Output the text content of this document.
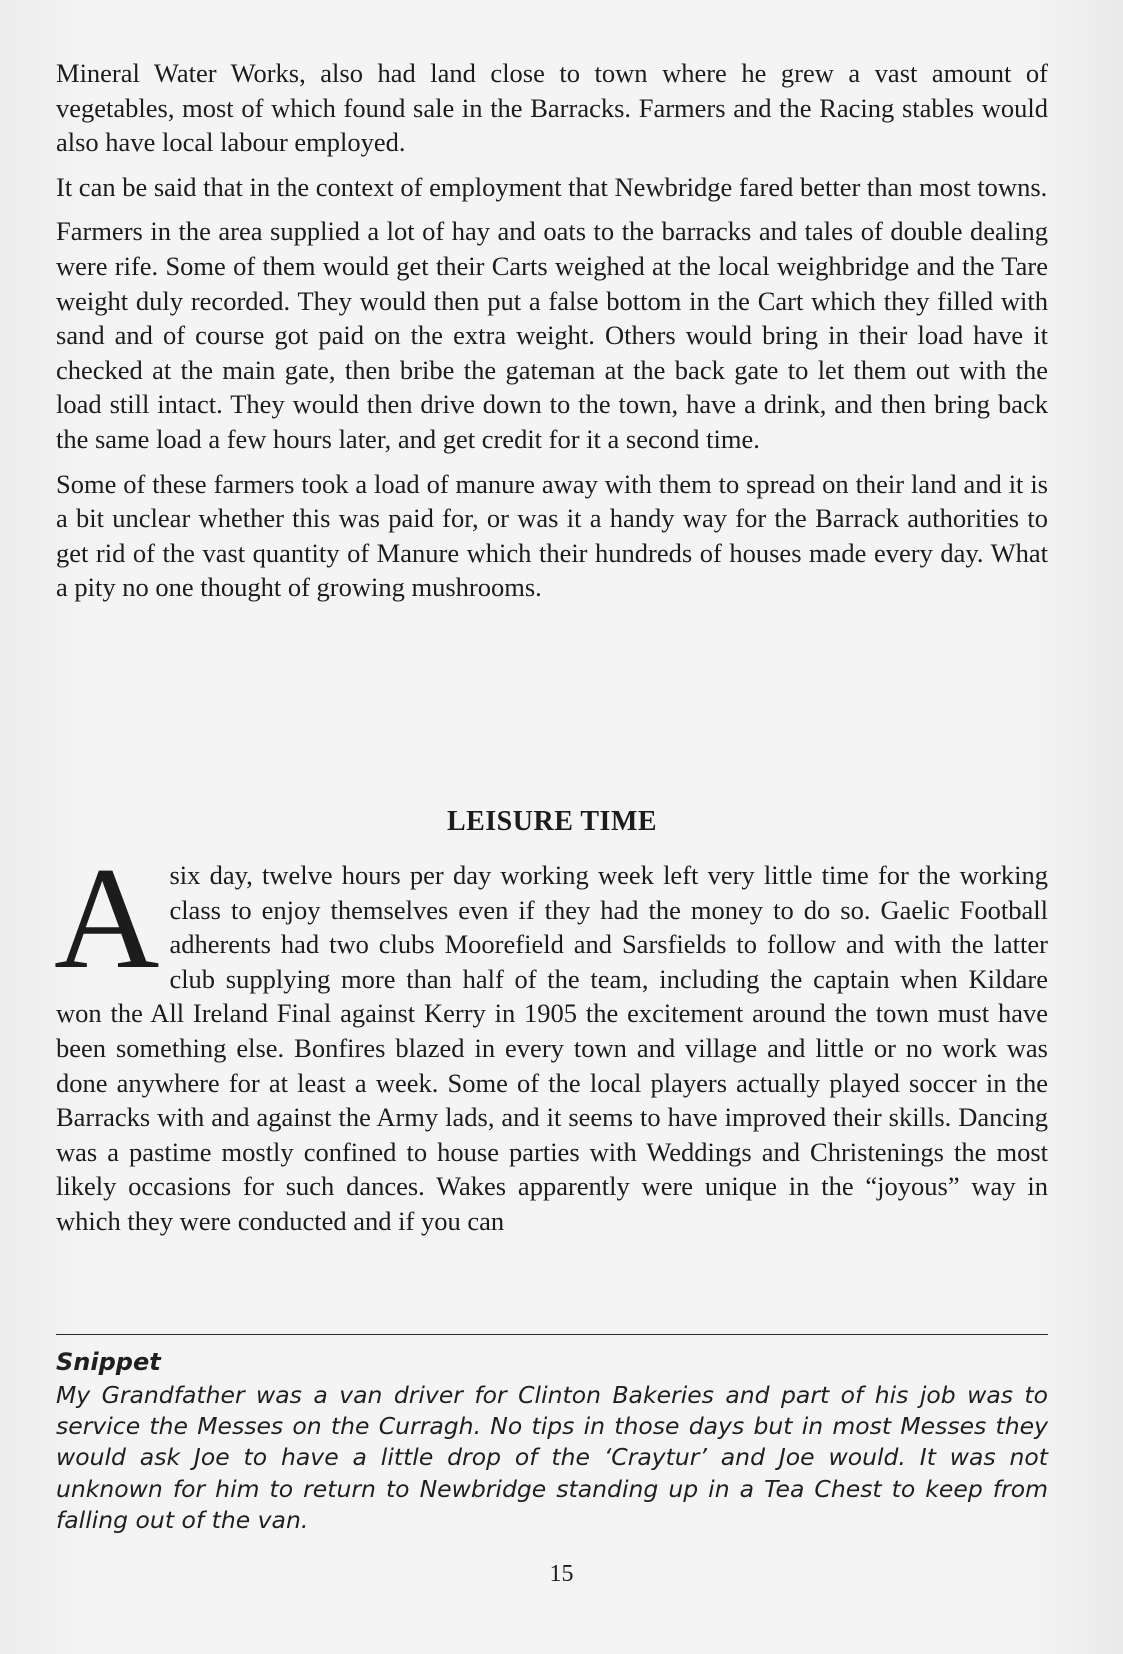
Mineral Water Works, also had land close to town where he grew a vast amount of vegetables, most of which found sale in the Barracks. Farmers and the Racing stables would also have local labour employed.

It can be said that in the context of employment that Newbridge fared better than most towns.

Farmers in the area supplied a lot of hay and oats to the barracks and tales of double dealing were rife. Some of them would get their Carts weighed at the local weighbridge and the Tare weight duly recorded. They would then put a false bottom in the Cart which they filled with sand and of course got paid on the extra weight. Others would bring in their load have it checked at the main gate, then bribe the gateman at the back gate to let them out with the load still intact. They would then drive down to the town, have a drink, and then bring back the same load a few hours later, and get credit for it a second time.

Some of these farmers took a load of manure away with them to spread on their land and it is a bit unclear whether this was paid for, or was it a handy way for the Barrack authorities to get rid of the vast quantity of Manure which their hundreds of houses made every day. What a pity no one thought of growing mushrooms.

LEISURE TIME

A six day, twelve hours per day working week left very little time for the working class to enjoy themselves even if they had the money to do so. Gaelic Football adherents had two clubs Moorefield and Sarsfields to follow and with the latter club supplying more than half of the team, including the captain when Kildare won the All Ireland Final against Kerry in 1905 the excitement around the town must have been something else. Bonfires blazed in every town and village and little or no work was done anywhere for at least a week. Some of the local players actually played soccer in the Barracks with and against the Army lads, and it seems to have improved their skills. Dancing was a pastime mostly confined to house parties with Weddings and Christenings the most likely occasions for such dances. Wakes apparently were unique in the “joyous” way in which they were conducted and if you can

Snippet

My Grandfather was a van driver for Clinton Bakeries and part of his job was to service the Messes on the Curragh. No tips in those days but in most Messes they would ask Joe to have a little drop of the ‘Craytur’ and Joe would. It was not unknown for him to return to Newbridge standing up in a Tea Chest to keep from falling out of the van.

15
